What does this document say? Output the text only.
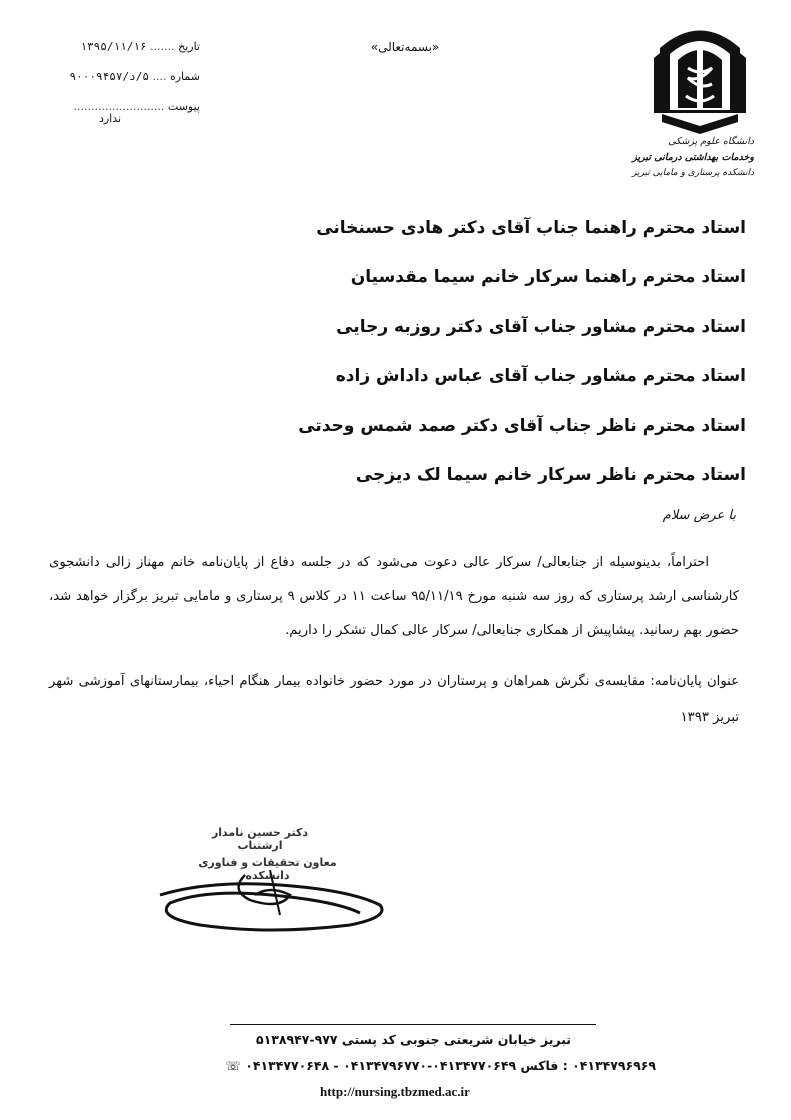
دانشگاه علوم پزشکی
وخدمات بهداشتی درمانی تبریز
دانشکده پرستاری و مامایی تبریز
«بسمه‌تعالی»
تاریخ ....... ۱۳۹۵/۱۱/۱۶
شماره .... ۵/د/۹۰۰۰۹۴۵۷
پیوست ..........................
ندارد
استاد محترم راهنما جناب آقای دکتر هادی حسنخانی
استاد محترم راهنما سرکار خانم سیما مقدسیان
استاد محترم مشاور جناب آقای دکتر روزبه رجایی
استاد محترم مشاور جناب آقای عباس داداش زاده
استاد محترم ناظر جناب آقای دکتر صمد شمس وحدتی
استاد محترم ناظر سرکار خانم سیما لک دیزجی
با عرض سلام
احتراماً، بدینوسیله از جنابعالی/ سرکار عالی دعوت می‌شود که در جلسه دفاع از پایان‌نامه خانم مهناز زالی دانشجوی کارشناسی ارشد پرستاری که روز سه شنبه مورخ ۹۵/۱۱/۱۹ ساعت ۱۱ در کلاس ۹ پرستاری و مامایی تبریز برگزار خواهد شد، حضور بهم رسانید. پیشاپیش از همکاری جنابعالی/ سرکار عالی کمال تشکر را داریم.
عنوان پایان‌نامه: مقایسه‌ی نگرش همراهان و پرستاران در مورد حضور خانواده بیمار هنگام احیاء، بیمارستانهای آموزشی شهر تبریز ۱۳۹۳
دکتر حسین نامدار ارشتناب
معاون تحقیقات و فناوری دانشکده
تبریز خیابان شریعتی جنوبی کد پستی ۹۷۷-۵۱۳۸۹۴۷
۰۴۱۳۴۷۹۶۹۶۹ : فاکس ۰۴۱۳۴۷۷۰۶۴۹-۰۴۱۳۴۷۹۶۷۷۰ - ۰۴۱۳۴۷۷۰۶۴۸ ☏
http://nursing.tbzmed.ac.ir
